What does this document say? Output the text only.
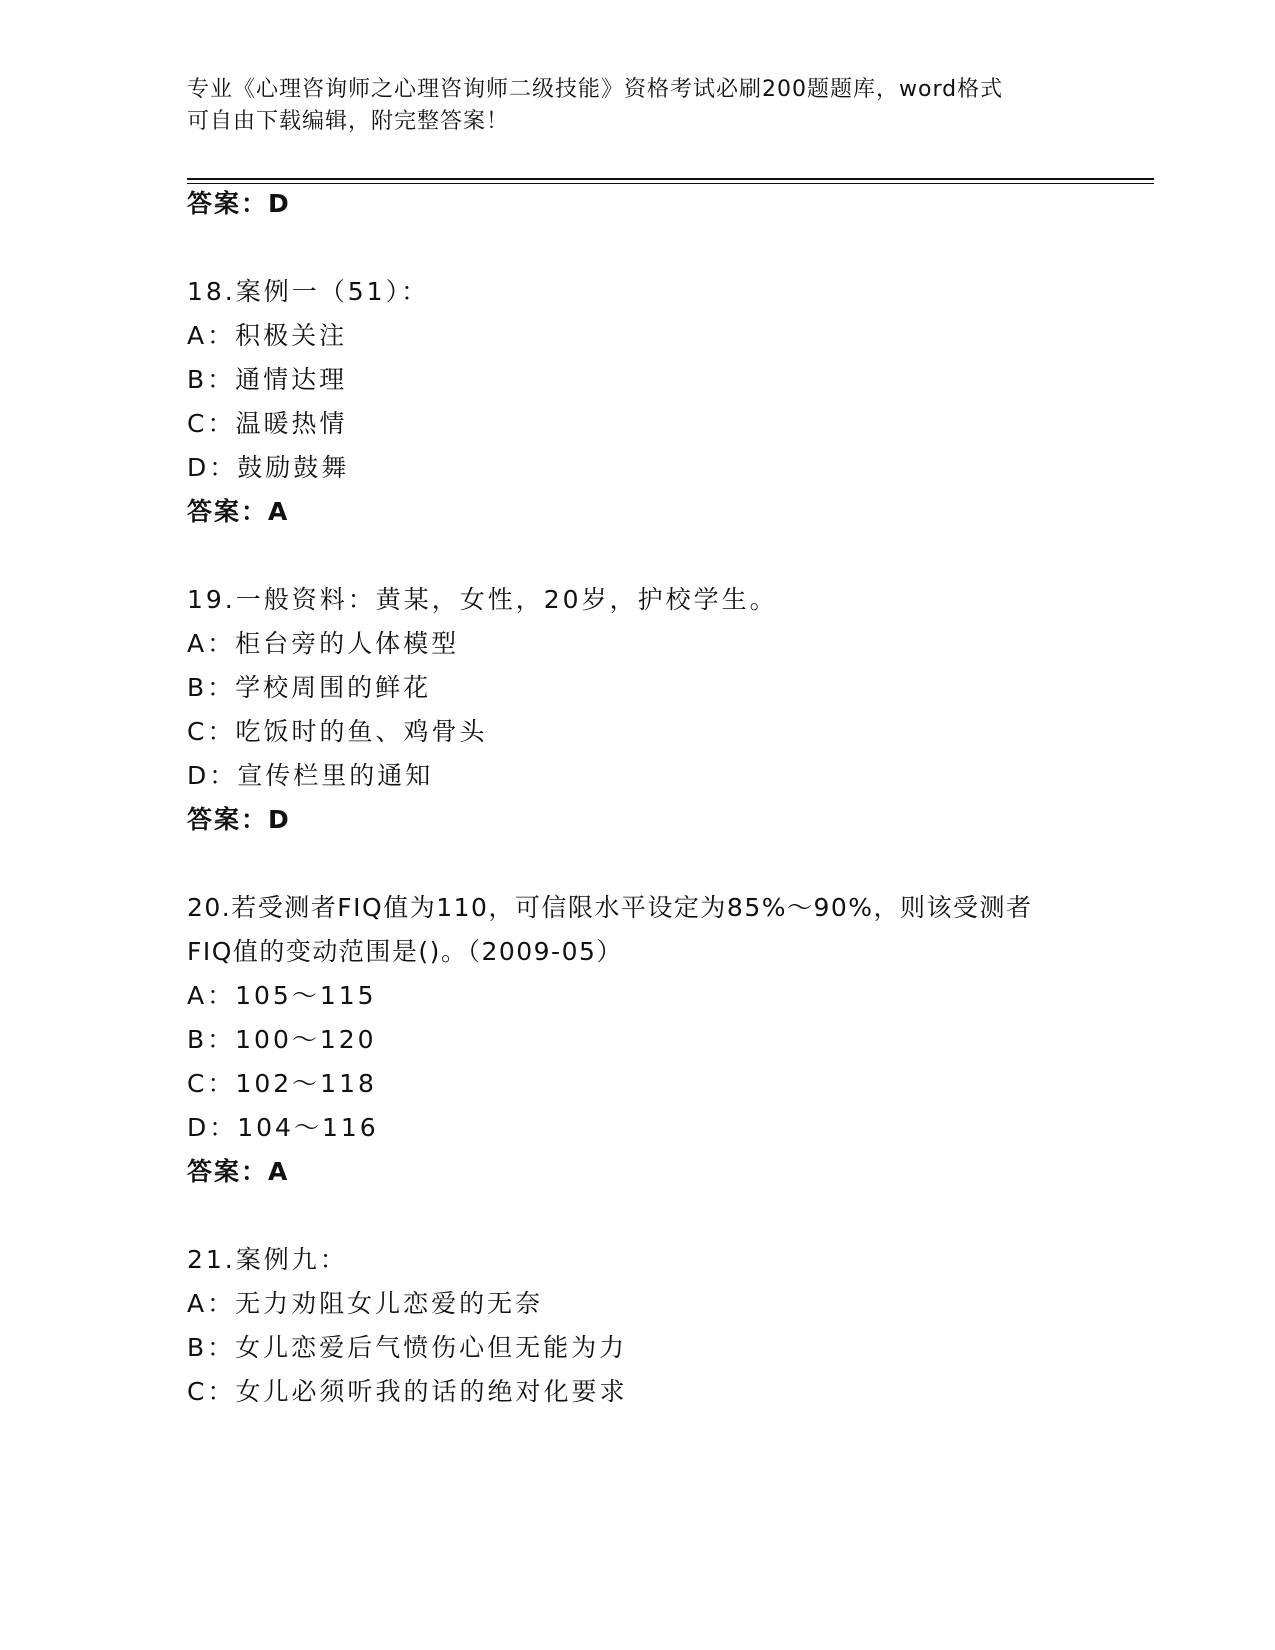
专业《心理咨询师之心理咨询师二级技能》资格考试必刷200题题库，word格式
可自由下载编辑，附完整答案！
答案：D
18.案例一（51）：
A：积极关注
B：通情达理
C：温暖热情
D：鼓励鼓舞
答案：A
19.一般资料：黄某，女性，20岁，护校学生。
A：柜台旁的人体模型
B：学校周围的鲜花
C：吃饭时的鱼、鸡骨头
D：宣传栏里的通知
答案：D
20.若受测者FIQ值为110，可信限水平设定为85%～90%，则该受测者
FIQ值的变动范围是()。（2009-05）
A：105～115
B：100～120
C：102～118
D：104～116
答案：A
21.案例九：
A：无力劝阻女儿恋爱的无奈
B：女儿恋爱后气愤伤心但无能为力
C：女儿必须听我的话的绝对化要求
